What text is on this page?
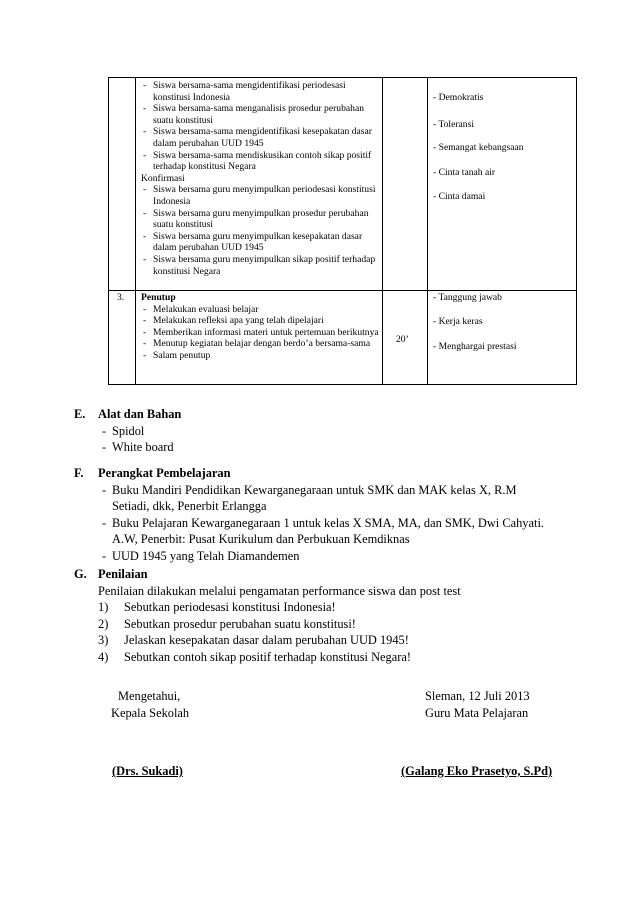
- Siswa bersama-sama mengidentifikasi periodesasi konstitusi Indonesia
- Siswa bersama-sama menganalisis prosedur perubahan suatu konstitusi
- Siswa bersama-sama mengidentifikasi kesepakatan dasar dalam perubahan UUD 1945
- Siswa bersama-sama mendiskusikan contoh sikap positif terhadap konstitusi Negara
Konfirmasi
- Siswa bersama guru menyimpulkan periodesasi konstitusi Indonesia
- Siswa bersama guru menyimpulkan prosedur perubahan suatu konstitusi
- Siswa bersama guru menyimpulkan kesepakatan dasar dalam perubahan UUD 1945
- Siswa bersama guru menyimpulkan sikap positif terhadap konstitusi Negara
- Demokratis
- Toleransi
- Semangat kebangsaan
- Cinta tanah air
- Cinta damai
3. Penutup
- Melakukan evaluasi belajar
- Melakukan refleksi apa yang telah dipelajari
- Memberikan informasi materi untuk pertemuan berikutnya
- Menutup kegiatan belajar dengan berdo’a bersama-sama
- Salam penutup
20’
- Tanggung jawab
- Kerja keras
- Menghargai prestasi
E. Alat dan Bahan
- Spidol
- White board
F. Perangkat Pembelajaran
- Buku Mandiri Pendidikan Kewarganegaraan untuk SMK dan MAK kelas X, R.M Setiadi, dkk, Penerbit Erlangga
- Buku Pelajaran Kewarganegaraan 1 untuk kelas X SMA, MA, dan SMK, Dwi Cahyati. A.W, Penerbit: Pusat Kurikulum dan Perbukuan Kemdiknas
- UUD 1945 yang Telah Diamandemen
G. Penilaian
Penilaian dilakukan melalui pengamatan performance siswa dan post test
1) Sebutkan periodesasi konstitusi Indonesia!
2) Sebutkan prosedur perubahan suatu konstitusi!
3) Jelaskan kesepakatan dasar dalam perubahan UUD 1945!
4) Sebutkan contoh sikap positif terhadap konstitusi Negara!
Mengetahui,
Kepala Sekolah
(Drs. Sukadi)
Sleman, 12 Juli 2013
Guru Mata Pelajaran
(Galang Eko Prasetyo, S.Pd)
